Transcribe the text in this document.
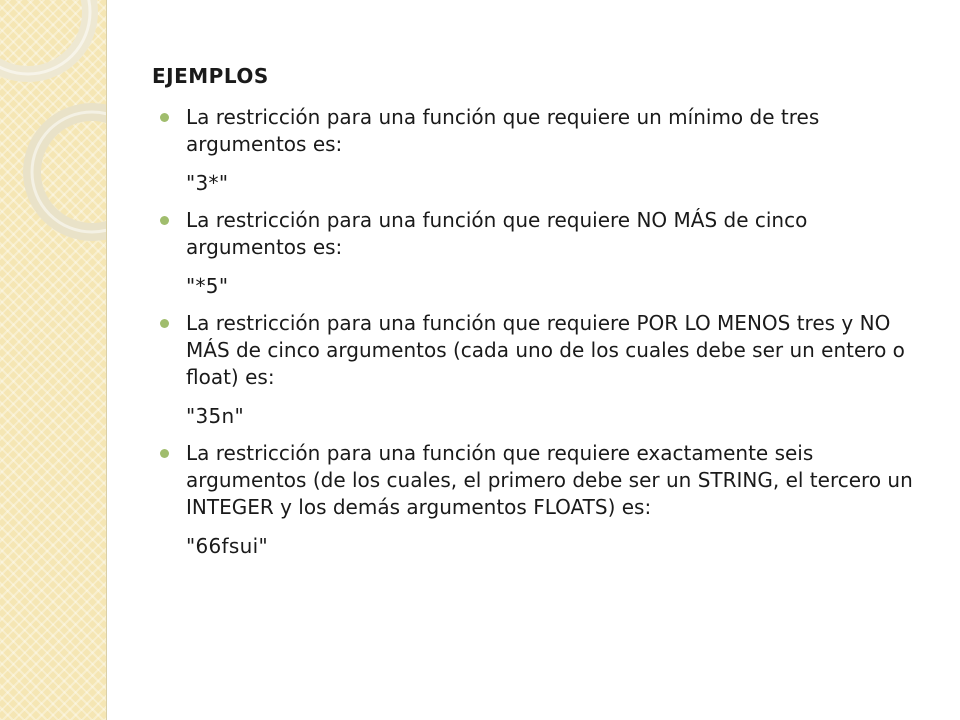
EJEMPLOS
La restricción para una función que requiere un mínimo de tres argumentos es:
"3*"
La restricción para una función que requiere NO MÁS de cinco argumentos es:
"*5"
La restricción para una función que requiere POR LO MENOS tres y NO MÁS de cinco argumentos (cada uno de los cuales debe ser un entero o float) es:
"35n"
La restricción para una función que requiere exactamente seis argumentos (de los cuales, el primero debe ser un STRING, el tercero un INTEGER y los demás argumentos FLOATS) es:
"66fsui"
